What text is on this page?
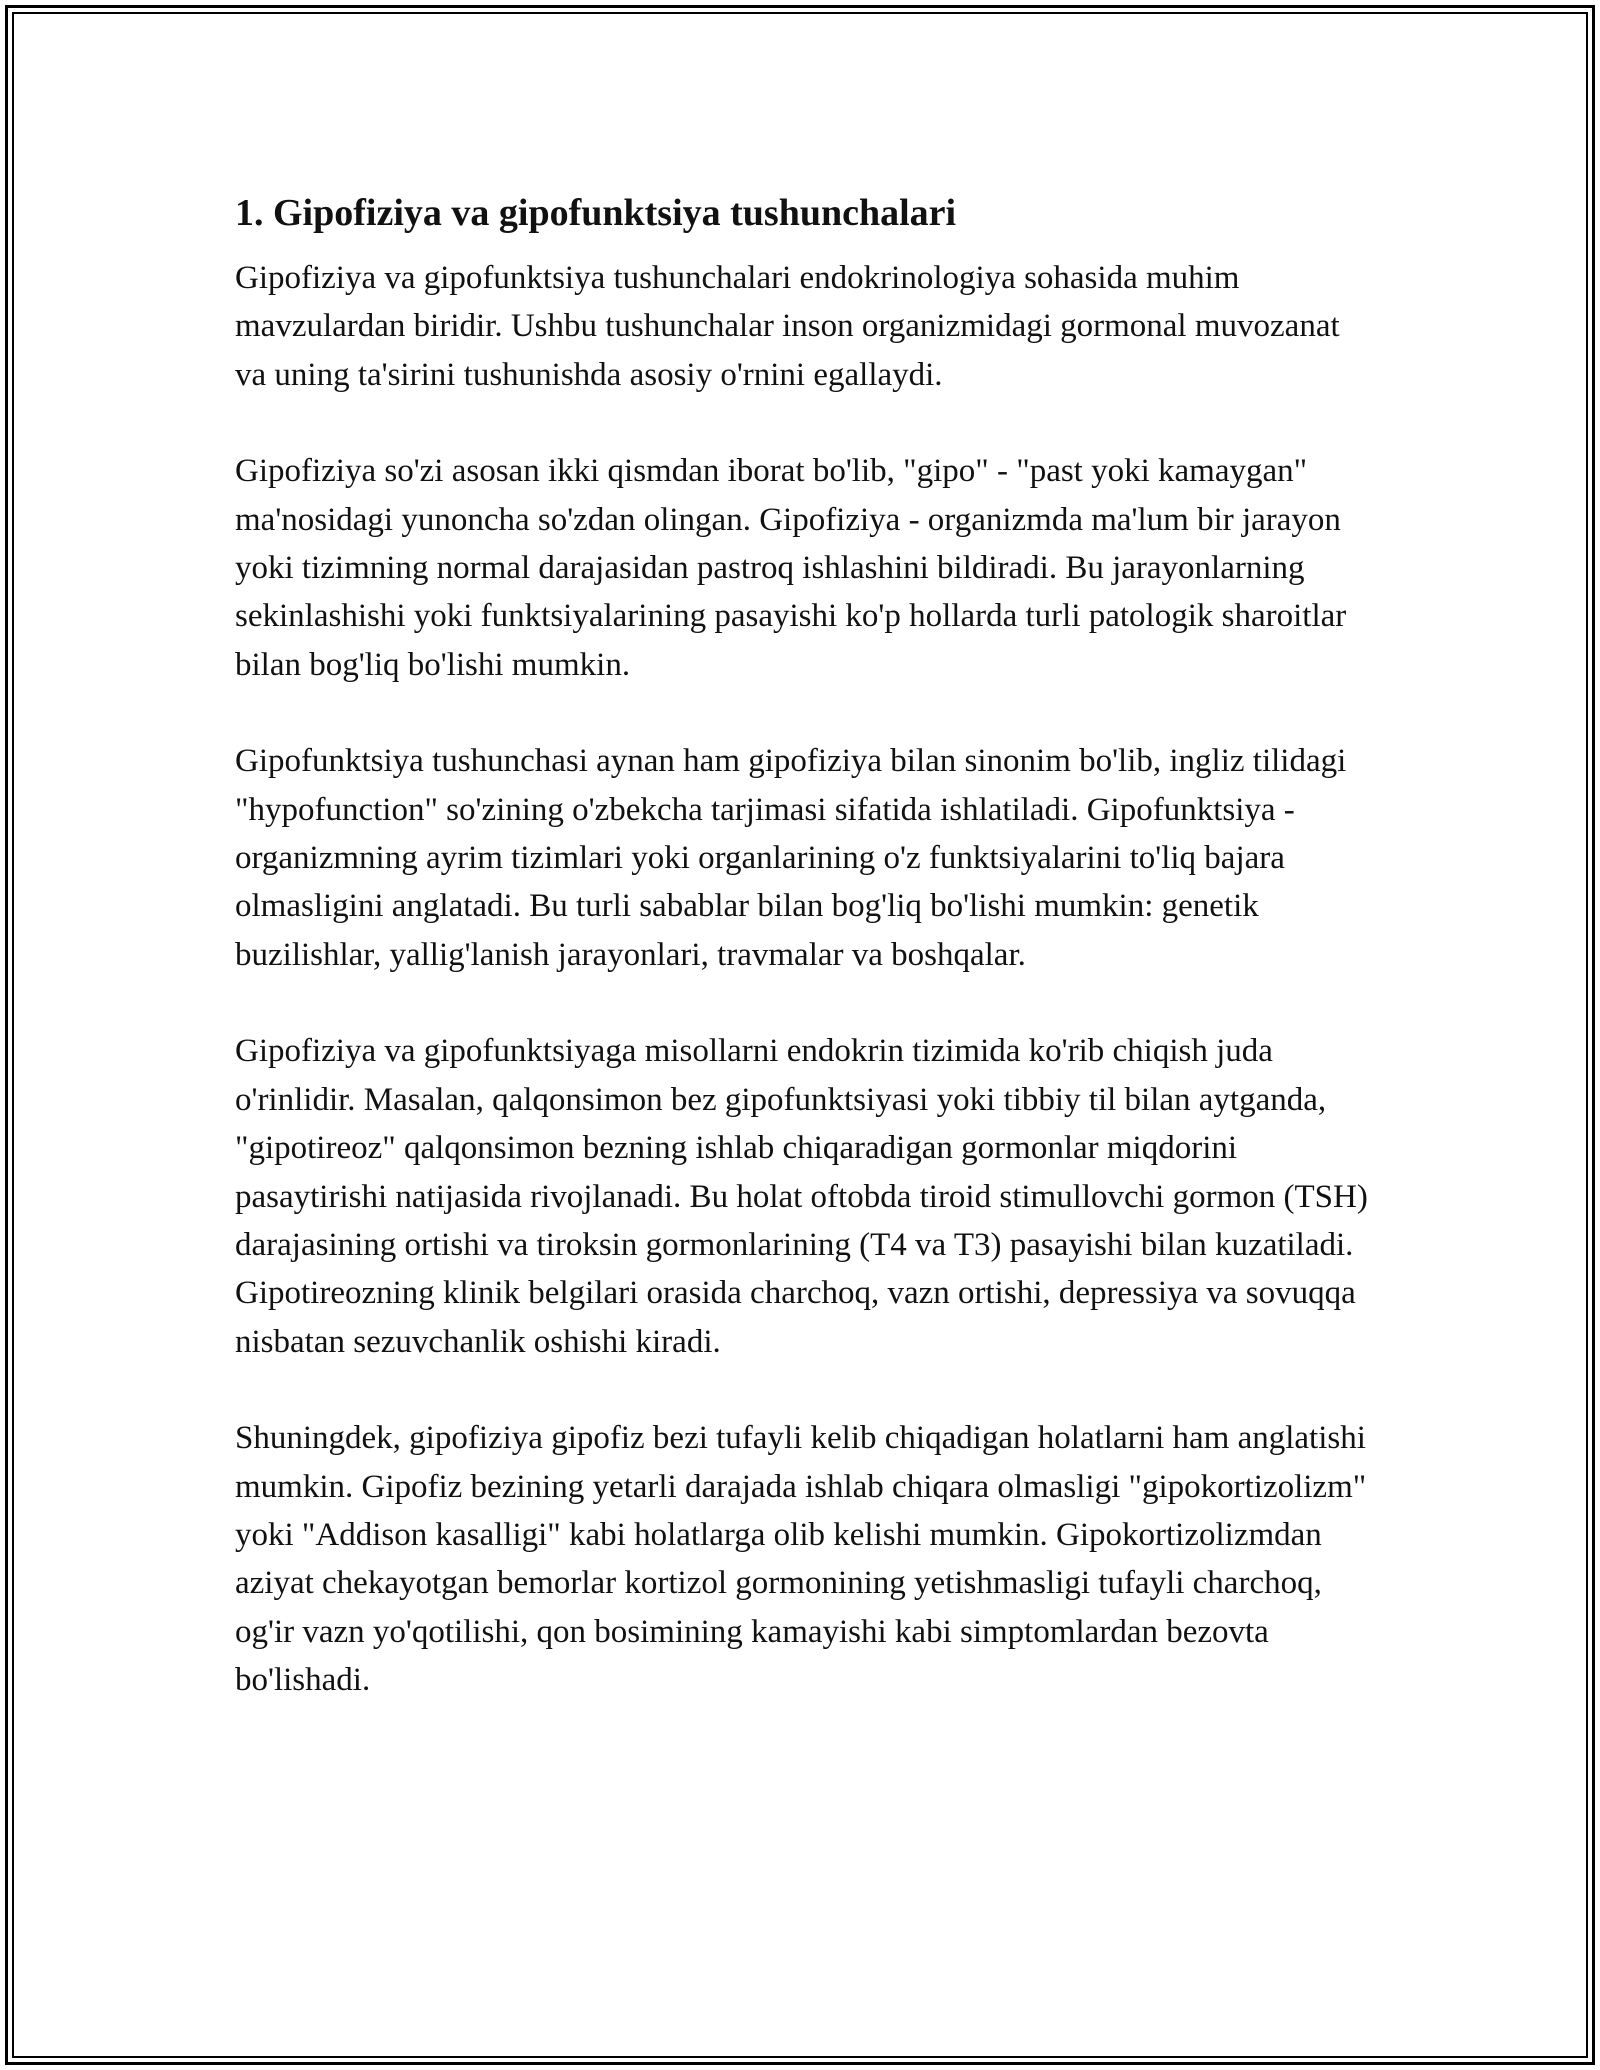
1. Gipofiziya va gipofunktsiya tushunchalari

Gipofiziya va gipofunktsiya tushunchalari endokrinologiya sohasida muhim mavzulardan biridir. Ushbu tushunchalar inson organizmidagi gormonal muvozanat va uning ta'sirini tushunishda asosiy o'rnini egallaydi.

Gipofiziya so'zi asosan ikki qismdan iborat bo'lib, "gipo" - "past yoki kamaygan" ma'nosidagi yunoncha so'zdan olingan. Gipofiziya - organizmda ma'lum bir jarayon yoki tizimning normal darajasidan pastroq ishlashini bildiradi. Bu jarayonlarning sekinlashishi yoki funktsiyalarining pasayishi ko'p hollarda turli patologik sharoitlar bilan bog'liq bo'lishi mumkin.

Gipofunktsiya tushunchasi aynan ham gipofiziya bilan sinonim bo'lib, ingliz tilidagi "hypofunction" so'zining o'zbekcha tarjimasi sifatida ishlatiladi. Gipofunktsiya - organizmning ayrim tizimlari yoki organlarining o'z funktsiyalarini to'liq bajara olmasligini anglatadi. Bu turli sabablar bilan bog'liq bo'lishi mumkin: genetik buzilishlar, yallig'lanish jarayonlari, travmalar va boshqalar.

Gipofiziya va gipofunktsiyaga misollarni endokrin tizimida ko'rib chiqish juda o'rinlidir. Masalan, qalqonsimon bez gipofunktsiyasi yoki tibbiy til bilan aytganda, "gipotireoz" qalqonsimon bezning ishlab chiqaradigan gormonlar miqdorini pasaytirishi natijasida rivojlanadi. Bu holat oftobda tiroid stimullovchi gormon (TSH) darajasining ortishi va tiroksin gormonlarining (T4 va T3) pasayishi bilan kuzatiladi. Gipotireozning klinik belgilari orasida charchoq, vazn ortishi, depressiya va sovuqqa nisbatan sezuvchanlik oshishi kiradi.

Shuningdek, gipofiziya gipofiz bezi tufayli kelib chiqadigan holatlarni ham anglatishi mumkin. Gipofiz bezining yetarli darajada ishlab chiqara olmasligi "gipokortizolizm" yoki "Addison kasalligi" kabi holatlarga olib kelishi mumkin. Gipokortizolizmdan aziyat chekayotgan bemorlar kortizol gormonining yetishmasligi tufayli charchoq, og'ir vazn yo'qotilishi, qon bosimining kamayishi kabi simptomlardan bezovta bo'lishadi.
